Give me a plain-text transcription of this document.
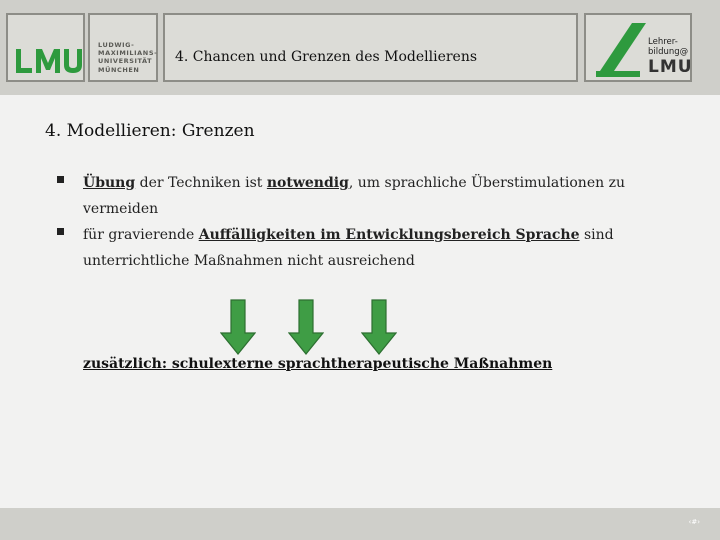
LUDWIG-
MAXIMILIANS-
UNIVERSITÄT
MÜNCHEN
4. Chancen und Grenzen des Modellierens
Lehrer-
bildung@
LMU
4. Modellieren: Grenzen
Übung der Techniken ist notwendig, um sprachliche Überstimulationen zu vermeiden
für gravierende Auffälligkeiten im Entwicklungsbereich Sprache sind unterrichtliche Maßnahmen nicht ausreichend
zusätzlich: schulexterne sprachtherapeutische Maßnahmen
‹#›
